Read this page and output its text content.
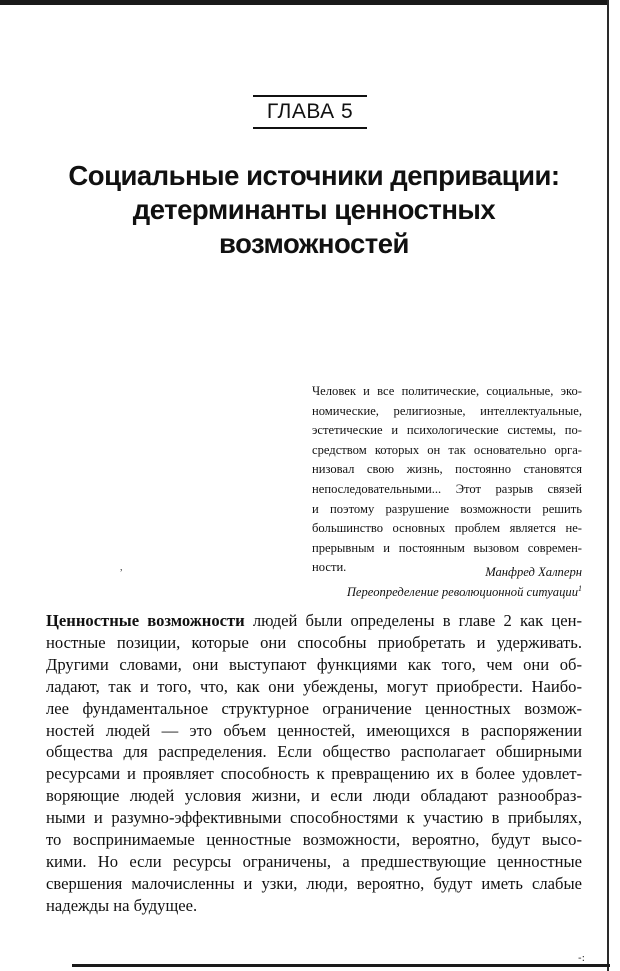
ГЛАВА 5
Социальные источники депривации:
детерминанты ценностных
возможностей
Человек и все политические, социальные, эко-
номические, религиозные, интеллектуальные,
эстетические и психологические системы, по-
средством которых он так основательно орга-
низовал свою жизнь, постоянно становятся
непоследовательными... Этот разрыв связей
и поэтому разрушение возможности решить
большинство основных проблем является не-
прерывным и постоянным вызовом современ-
ности.	Манфред Халперн
Переопределение революционной ситуации$^1$
,
Ценностные возможности людей были определены в главе 2 как цен-
ностные позиции, которые они способны приобретать и удерживать.
Другими словами, они выступают функциями как того, чем они об-
ладают, так и того, что, как они убеждены, могут приобрести. Наибо-
лее фундаментальное структурное ограничение ценностных возмож-
ностей людей — это объем ценностей, имеющихся в распоряжении
общества для распределения. Если общество располагает обширными
ресурсами и проявляет способность к превращению их в более удовлет-
воряющие людей условия жизни, и если люди обладают разнообраз-
ными и разумно-эффективными способностями к участию в прибылях,
то воспринимаемые ценностные возможности, вероятно, будут высо-
кими. Но если ресурсы ограничены, а предшествующие ценностные
свершения малочисленны и узки, люди, вероятно, будут иметь слабые
надежды на будущее.
-:
